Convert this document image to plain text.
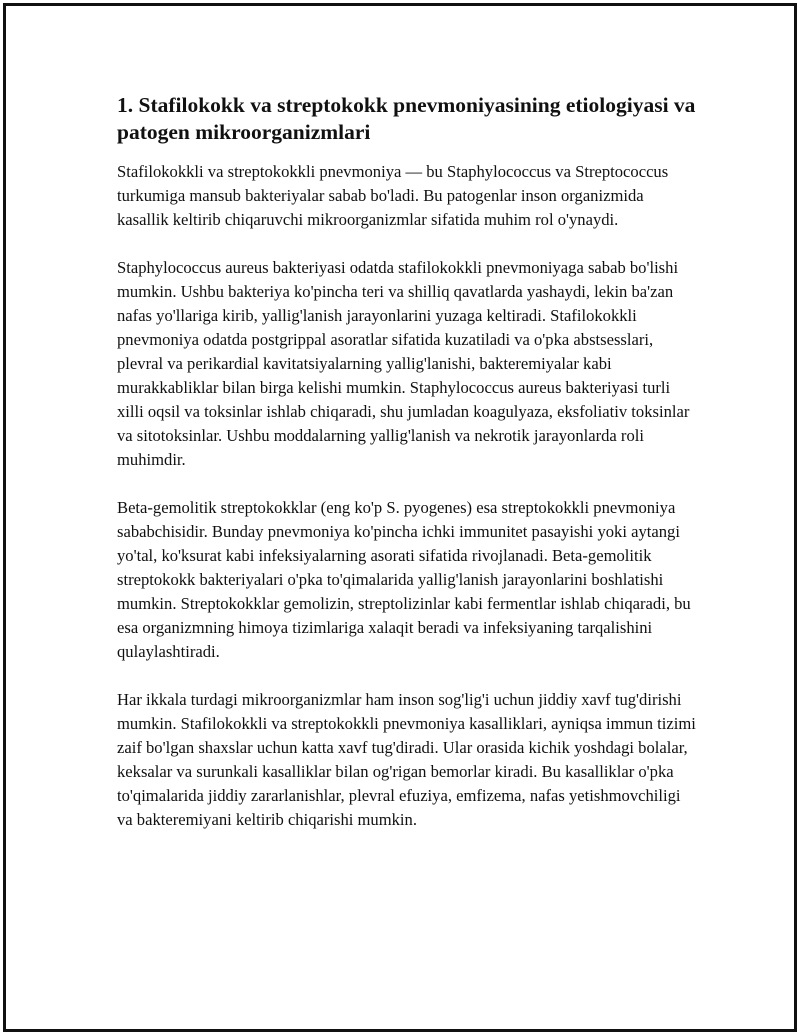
1. Stafilokokk va streptokokk pnevmoniyasining etiologiyasi va patogen mikroorganizmlari

Stafilokokkli va streptokokkli pnevmoniya — bu Staphylococcus va Streptococcus turkumiga mansub bakteriyalar sabab bo'ladi. Bu patogenlar inson organizmida kasallik keltirib chiqaruvchi mikroorganizmlar sifatida muhim rol o'ynaydi.

Staphylococcus aureus bakteriyasi odatda stafilokokkli pnevmoniyaga sabab bo'lishi mumkin. Ushbu bakteriya ko'pincha teri va shilliq qavatlarda yashaydi, lekin ba'zan nafas yo'llariga kirib, yallig'lanish jarayonlarini yuzaga keltiradi. Stafilokokkli pnevmoniya odatda postgrippal asoratlar sifatida kuzatiladi va o'pka abstsesslari, plevral va perikardial kavitatsiyalarning yallig'lanishi, bakteremiyalar kabi murakkabliklar bilan birga kelishi mumkin. Staphylococcus aureus bakteriyasi turli xilli oqsil va toksinlar ishlab chiqaradi, shu jumladan koagulyaza, eksfoliativ toksinlar va sitotoksinlar. Ushbu moddalarning yallig'lanish va nekrotik jarayonlarda roli muhimdir.

Beta-gemolitik streptokokklar (eng ko'p S. pyogenes) esa streptokokkli pnevmoniya sababchisidir. Bunday pnevmoniya ko'pincha ichki immunitet pasayishi yoki aytangi yo'tal, ko'ksurat kabi infeksiyalarning asorati sifatida rivojlanadi. Beta-gemolitik streptokokk bakteriyalari o'pka to'qimalarida yallig'lanish jarayonlarini boshlatishi mumkin. Streptokokklar gemolizin, streptolizinlar kabi fermentlar ishlab chiqaradi, bu esa organizmning himoya tizimlariga xalaqit beradi va infeksiyaning tarqalishini qulaylashtiradi.

Har ikkala turdagi mikroorganizmlar ham inson sog'lig'i uchun jiddiy xavf tug'dirishi mumkin. Stafilokokkli va streptokokkli pnevmoniya kasalliklari, ayniqsa immun tizimi zaif bo'lgan shaxslar uchun katta xavf tug'diradi. Ular orasida kichik yoshdagi bolalar, keksalar va surunkali kasalliklar bilan og'rigan bemorlar kiradi. Bu kasalliklar o'pka to'qimalarida jiddiy zararlanishlar, plevral efuziya, emfizema, nafas yetishmovchiligi va bakteremiyani keltirib chiqarishi mumkin.
